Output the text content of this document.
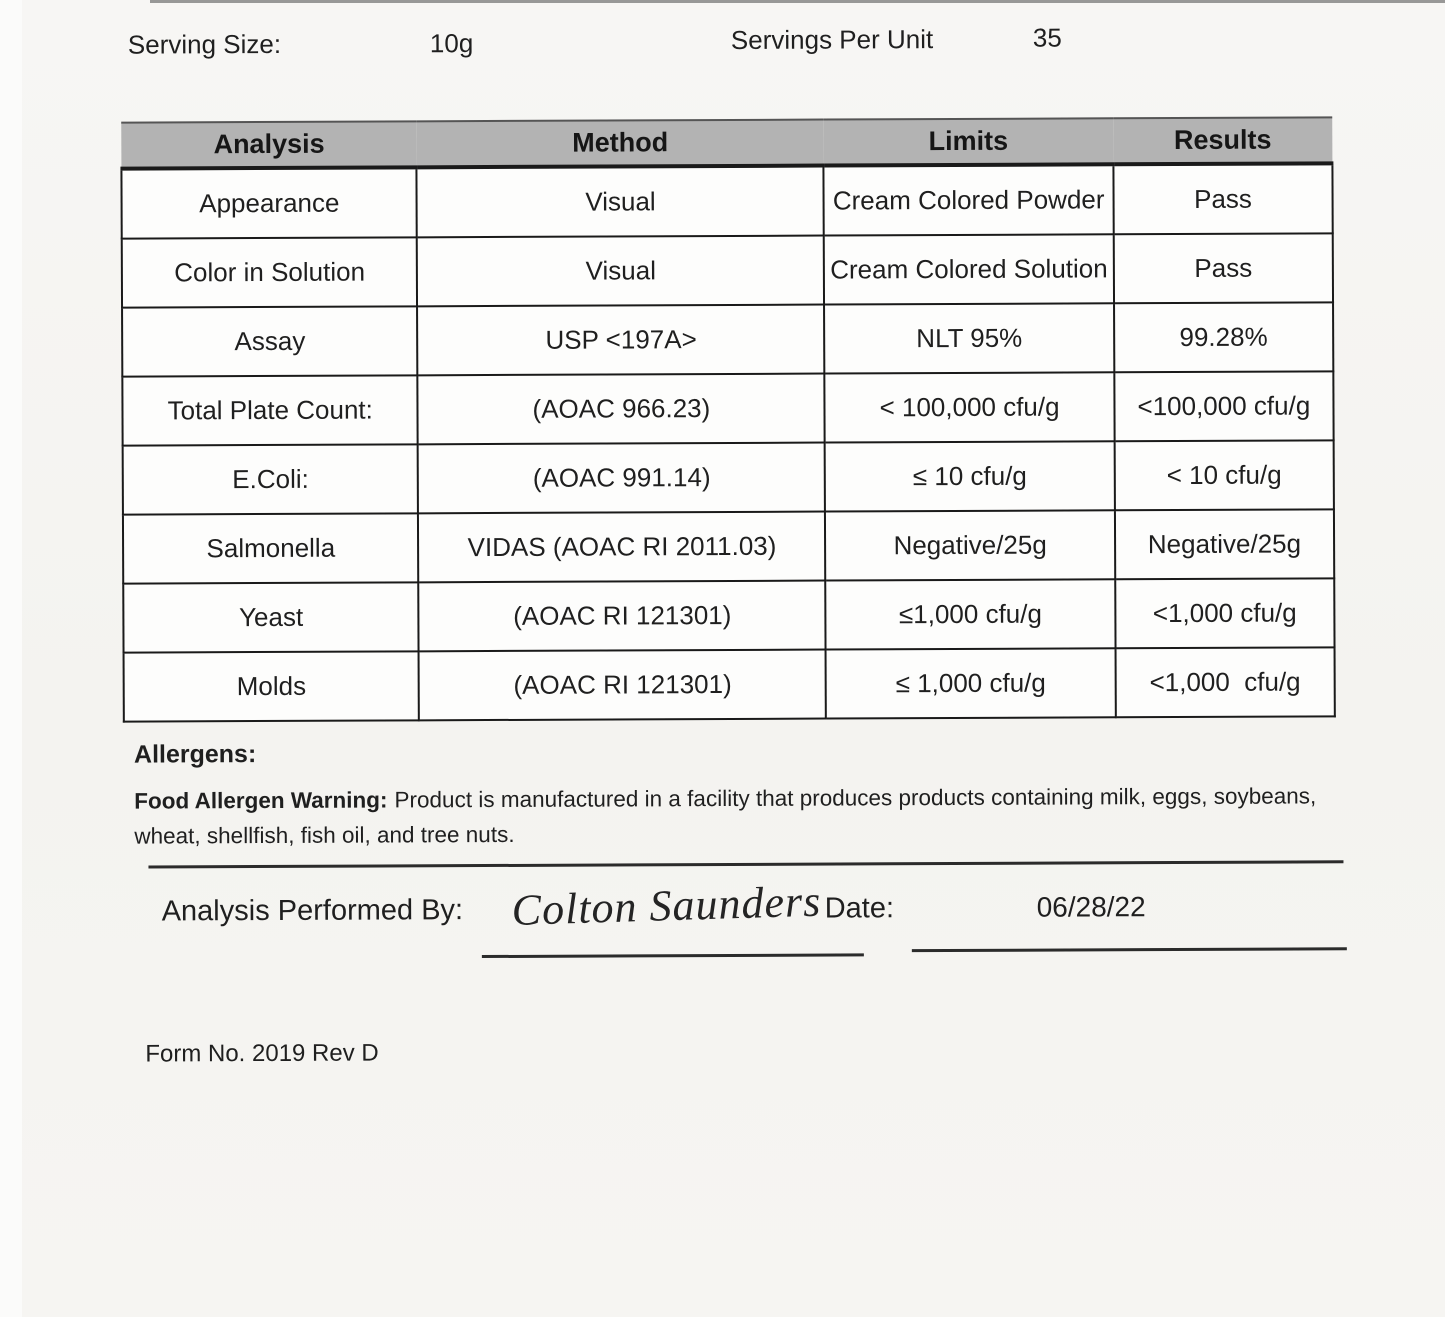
Serving Size:	10g	Servings Per Unit	35
Analysis	Method	Limits	Results
Appearance	Visual	Cream Colored Powder	Pass
Color in Solution	Visual	Cream Colored Solution	Pass
Assay	USP <197A>	NLT 95%	99.28%
Total Plate Count:	(AOAC 966.23)	< 100,000 cfu/g	<100,000 cfu/g
E.Coli:	(AOAC 991.14)	≤ 10 cfu/g	< 10 cfu/g
Salmonella	VIDAS (AOAC RI 2011.03)	Negative/25g	Negative/25g
Yeast	(AOAC RI 121301)	≤1,000 cfu/g	<1,000 cfu/g
Molds	(AOAC RI 121301)	≤ 1,000 cfu/g	<1,000  cfu/g
Allergens:

Food Allergen Warning: Product is manufactured in a facility that produces products containing milk, eggs, soybeans, wheat, shellfish, fish oil, and tree nuts.

Analysis Performed By: Colton Saunders Date:	06/28/22
Form No. 2019 Rev D
